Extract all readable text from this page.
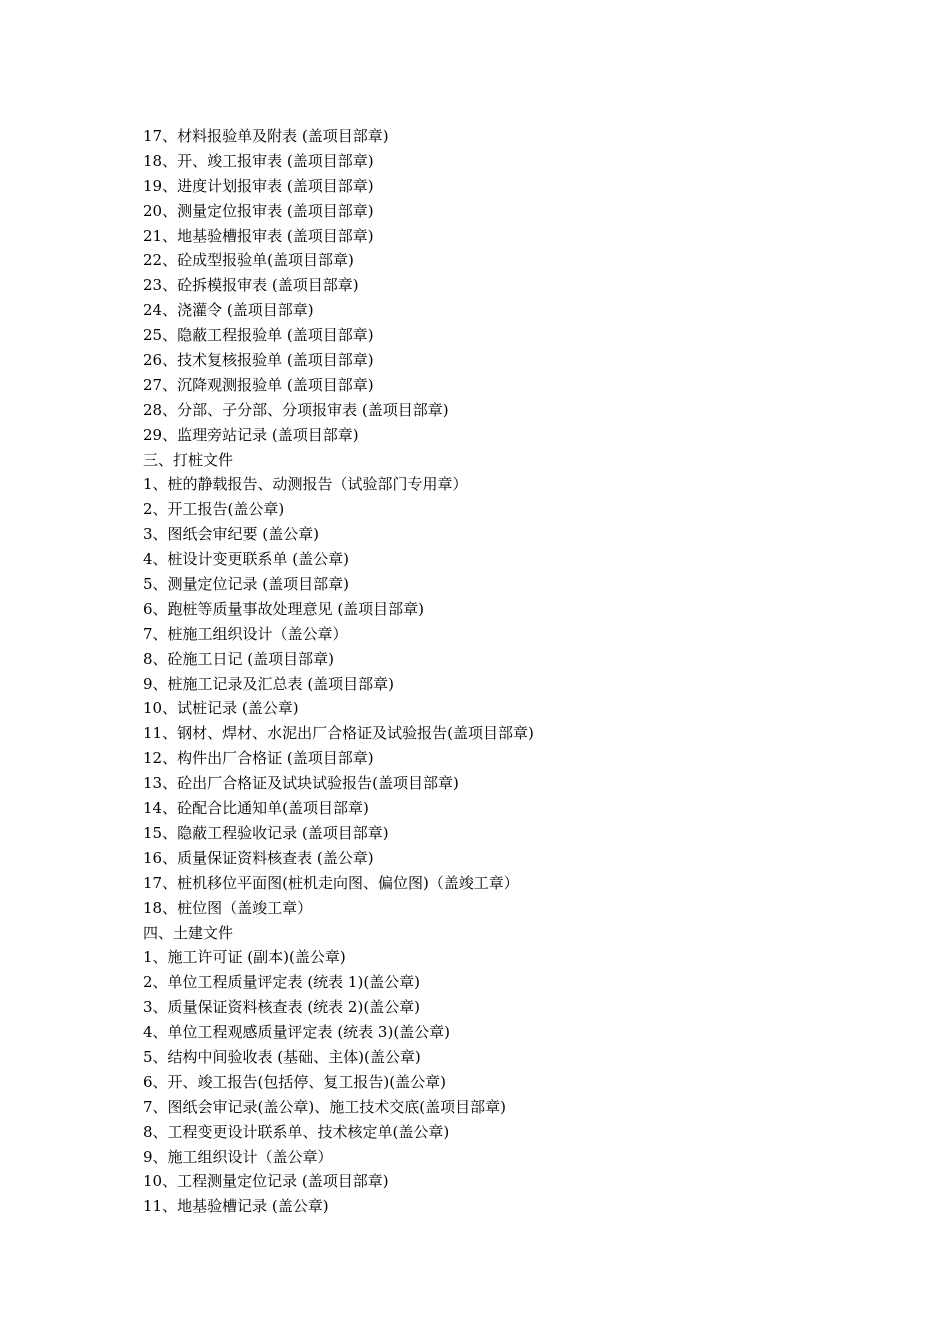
17、材料报验单及附表 (盖项目部章)
18、开、竣工报审表 (盖项目部章)
19、进度计划报审表 (盖项目部章)
20、测量定位报审表 (盖项目部章)
21、地基验槽报审表 (盖项目部章)
22、砼成型报验单(盖项目部章)
23、砼拆模报审表 (盖项目部章)
24、浇灌令 (盖项目部章)
25、隐蔽工程报验单 (盖项目部章)
26、技术复核报验单 (盖项目部章)
27、沉降观测报验单 (盖项目部章)
28、分部、子分部、分项报审表 (盖项目部章)
29、监理旁站记录 (盖项目部章)
三、打桩文件
1、桩的静载报告、动测报告（试验部门专用章）
2、开工报告(盖公章)
3、图纸会审纪要 (盖公章)
4、桩设计变更联系单 (盖公章)
5、测量定位记录 (盖项目部章)
6、跑桩等质量事故处理意见 (盖项目部章)
7、桩施工组织设计（盖公章）
8、砼施工日记 (盖项目部章)
9、桩施工记录及汇总表 (盖项目部章)
10、试桩记录 (盖公章)
11、钢材、焊材、水泥出厂合格证及试验报告(盖项目部章)
12、构件出厂合格证 (盖项目部章)
13、砼出厂合格证及试块试验报告(盖项目部章)
14、砼配合比通知单(盖项目部章)
15、隐蔽工程验收记录 (盖项目部章)
16、质量保证资料核查表 (盖公章)
17、桩机移位平面图(桩机走向图、偏位图)（盖竣工章）
18、桩位图（盖竣工章）
四、土建文件
1、施工许可证 (副本)(盖公章)
2、单位工程质量评定表 (统表 1)(盖公章)
3、质量保证资料核查表 (统表 2)(盖公章)
4、单位工程观感质量评定表 (统表 3)(盖公章)
5、结构中间验收表 (基础、主体)(盖公章)
6、开、竣工报告(包括停、复工报告)(盖公章)
7、图纸会审记录(盖公章)、施工技术交底(盖项目部章)
8、工程变更设计联系单、技术核定单(盖公章)
9、施工组织设计（盖公章）
10、工程测量定位记录 (盖项目部章)
11、地基验槽记录 (盖公章)
